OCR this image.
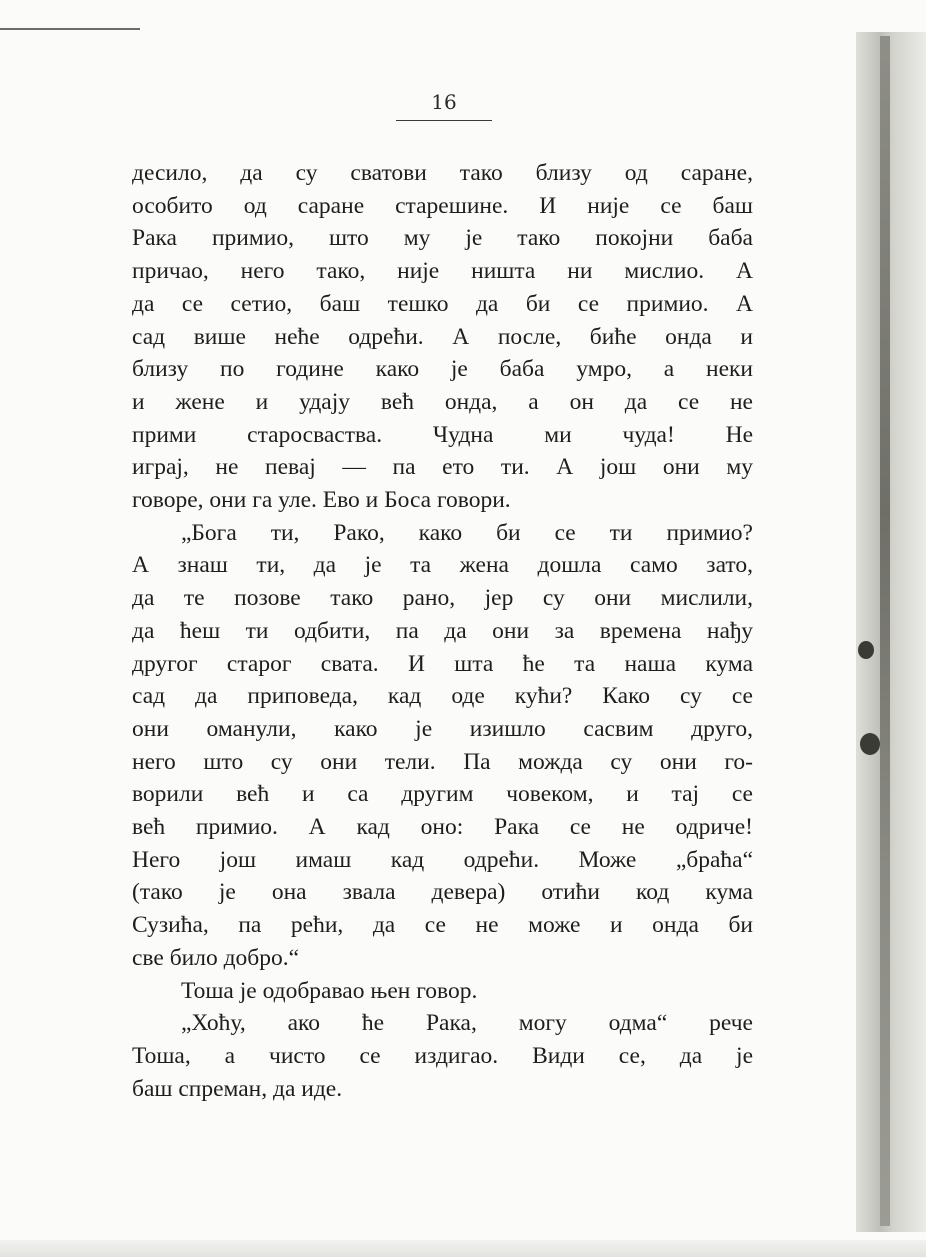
16
десило, да су сватови тако близу од саране,
особито од саране старешине. И није се баш
Рака примио, што му је тако покојни баба
причао, него тако, није ништа ни мислио. А
да се сетио, баш тешко да би се примио. А
сад више неће одрећи. А после, биће онда и
близу по године како је баба умро, а неки
и жене и удају већ онда, а он да се не
прими старосваства. Чудна ми чуда! Не
играј, не певај — па ето ти. А још они му
говоре, они га уле. Ево и Боса говори.
„Бога ти, Рако, како би се ти примио?
А знаш ти, да је та жена дошла само зато,
да те позове тако рано, јер су они мислили,
да ћеш ти одбити, па да они за времена нађу
другог старог свата. И шта ће та наша кума
сад да приповеда, кад оде кући? Како су се
они оманули, како је изишло сасвим друго,
него што су они тели. Па можда су они го-
ворили већ и са другим човеком, и тај се
већ примио. А кад оно: Рака се не одриче!
Него још имаш кад одрећи. Може „браћа“
(тако је она звала девера) отићи код кума
Сузића, па рећи, да се не може и онда би
све било добро.“
Тоша је одобравао њен говор.
„Хоћу, ако ће Рака, могу одма“ рече
Тоша, а чисто се издигао. Види се, да је
баш спреман, да иде.
